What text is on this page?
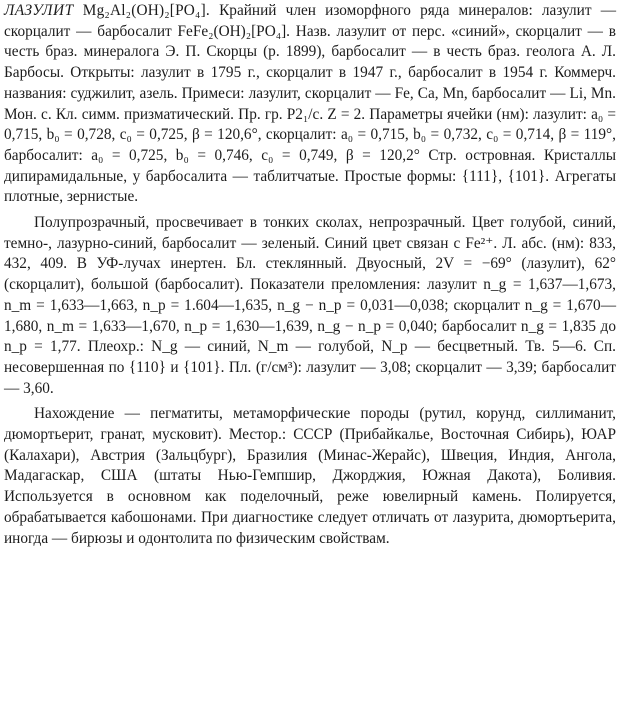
ЛАЗУЛИТ Mg₂Al₂(OH)₂[PO₄]. Крайний член изоморфного ряда минералов: лазулит — скорцалит — барбосалит FeFe₂(OH)₂[PO₄]. Назв. лазулит от перс. «синий», скорцалит — в честь браз. минералога Э. П. Скорцы (р. 1899), барбосалит — в честь браз. геолога А. Л. Барбосы. Открыты: лазулит в 1795 г., скорцалит в 1947 г., барбосалит в 1954 г. Коммерч. названия: суджилит, азель. Примеси: лазулит, скорцалит — Fe, Ca, Mn, барбосалит — Li, Mn. Мон. с. Кл. симм. призматический. Пр. гр. P2₁/c. Z = 2. Параметры ячейки (нм): лазулит: a₀ = 0,715, b₀ = 0,728, c₀ = 0,725, β = 120,6°, скорцалит: a₀ = 0,715, b₀ = 0,732, c₀ = 0,714, β = 119°, барбосалит: a₀ = 0,725, b₀ = 0,746, c₀ = 0,749, β = 120,2° Стр. островная. Кристаллы дипирамидальные, у барбосалита — таблитчатые. Простые формы: {111}, {101}. Агрегаты плотные, зернистые.

Полупрозрачный, просвечивает в тонких сколах, непрозрачный. Цвет голубой, синий, темно-, лазурно-синий, барбосалит — зеленый. Синий цвет связан с Fe²⁺. Л. абс. (нм): 833, 432, 409. В УФ-лучах инертен. Бл. стеклянный. Двуосный, 2V = −69° (лазулит), 62° (скорцалит), большой (барбосалит). Показатели преломления: лазулит n_g = 1,637—1,673, n_m = 1,633—1,663, n_p = 1.604—1,635, n_g − n_p = 0,031—0,038; скорцалит n_g = 1,670—1,680, n_m = 1,633—1,670, n_p = 1,630—1,639, n_g − n_p = 0,040; барбосалит n_g = 1,835 до n_p = 1,77. Плеохр.: N_g — синий, N_m — голубой, N_p — бесцветный. Тв. 5—6. Сп. несовершенная по {110} и {101}. Пл. (г/см³): лазулит — 3,08; скорцалит — 3,39; барбосалит — 3,60.

Нахождение — пегматиты, метаморфические породы (рутил, корунд, силлиманит, дюмортьерит, гранат, мусковит). Местор.: СССР (Прибайкалье, Восточная Сибирь), ЮАР (Калахари), Австрия (Зальцбург), Бразилия (Минас-Жерайс), Швеция, Индия, Ангола, Мадагаскар, США (штаты Нью-Гемпшир, Джорджия, Южная Дакота), Боливия. Используется в основном как поделочный, реже ювелирный камень. Полируется, обрабатывается кабошонами. При диагностике следует отличать от лазурита, дюмортьерита, иногда — бирюзы и одонтолита по физическим свойствам.
